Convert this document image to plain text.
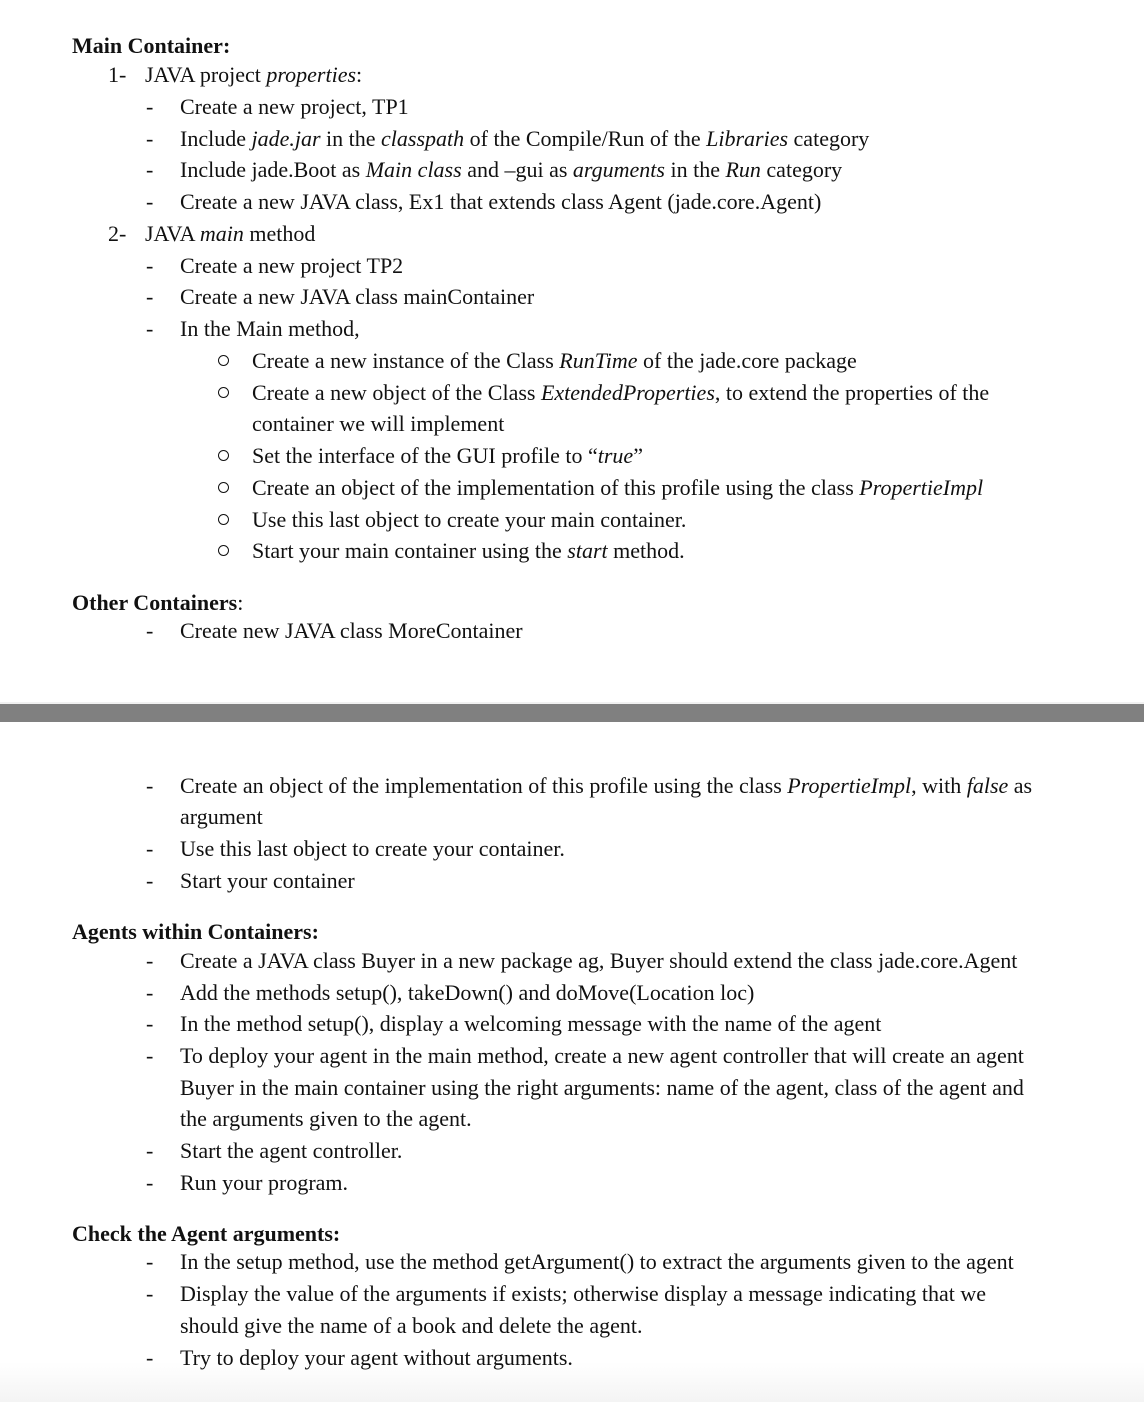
Main Container:
1- JAVA project properties:
- Create a new project, TP1
- Include jade.jar in the classpath of the Compile/Run of the Libraries category
- Include jade.Boot as Main class and –gui as arguments in the Run category
- Create a new JAVA class, Ex1 that extends class Agent (jade.core.Agent)
2- JAVA main method
- Create a new project TP2
- Create a new JAVA class mainContainer
- In the Main method,
Create a new instance of the Class RunTime of the jade.core package
Create a new object of the Class ExtendedProperties, to extend the properties of the
container we will implement
Set the interface of the GUI profile to “true”
Create an object of the implementation of this profile using the class PropertieImpl
Use this last object to create your main container.
Start your main container using the start method.
Other Containers:
- Create new JAVA class MoreContainer
- Create an object of the implementation of this profile using the class PropertieImpl, with false as
argument
- Use this last object to create your container.
- Start your container
Agents within Containers:
- Create a JAVA class Buyer in a new package ag, Buyer should extend the class jade.core.Agent
- Add the methods setup(), takeDown() and doMove(Location loc)
- In the method setup(), display a welcoming message with the name of the agent
- To deploy your agent in the main method, create a new agent controller that will create an agent
Buyer in the main container using the right arguments: name of the agent, class of the agent and
the arguments given to the agent.
- Start the agent controller.
- Run your program.
Check the Agent arguments:
- In the setup method, use the method getArgument() to extract the arguments given to the agent
- Display the value of the arguments if exists; otherwise display a message indicating that we
should give the name of a book and delete the agent.
- Try to deploy your agent without arguments.
